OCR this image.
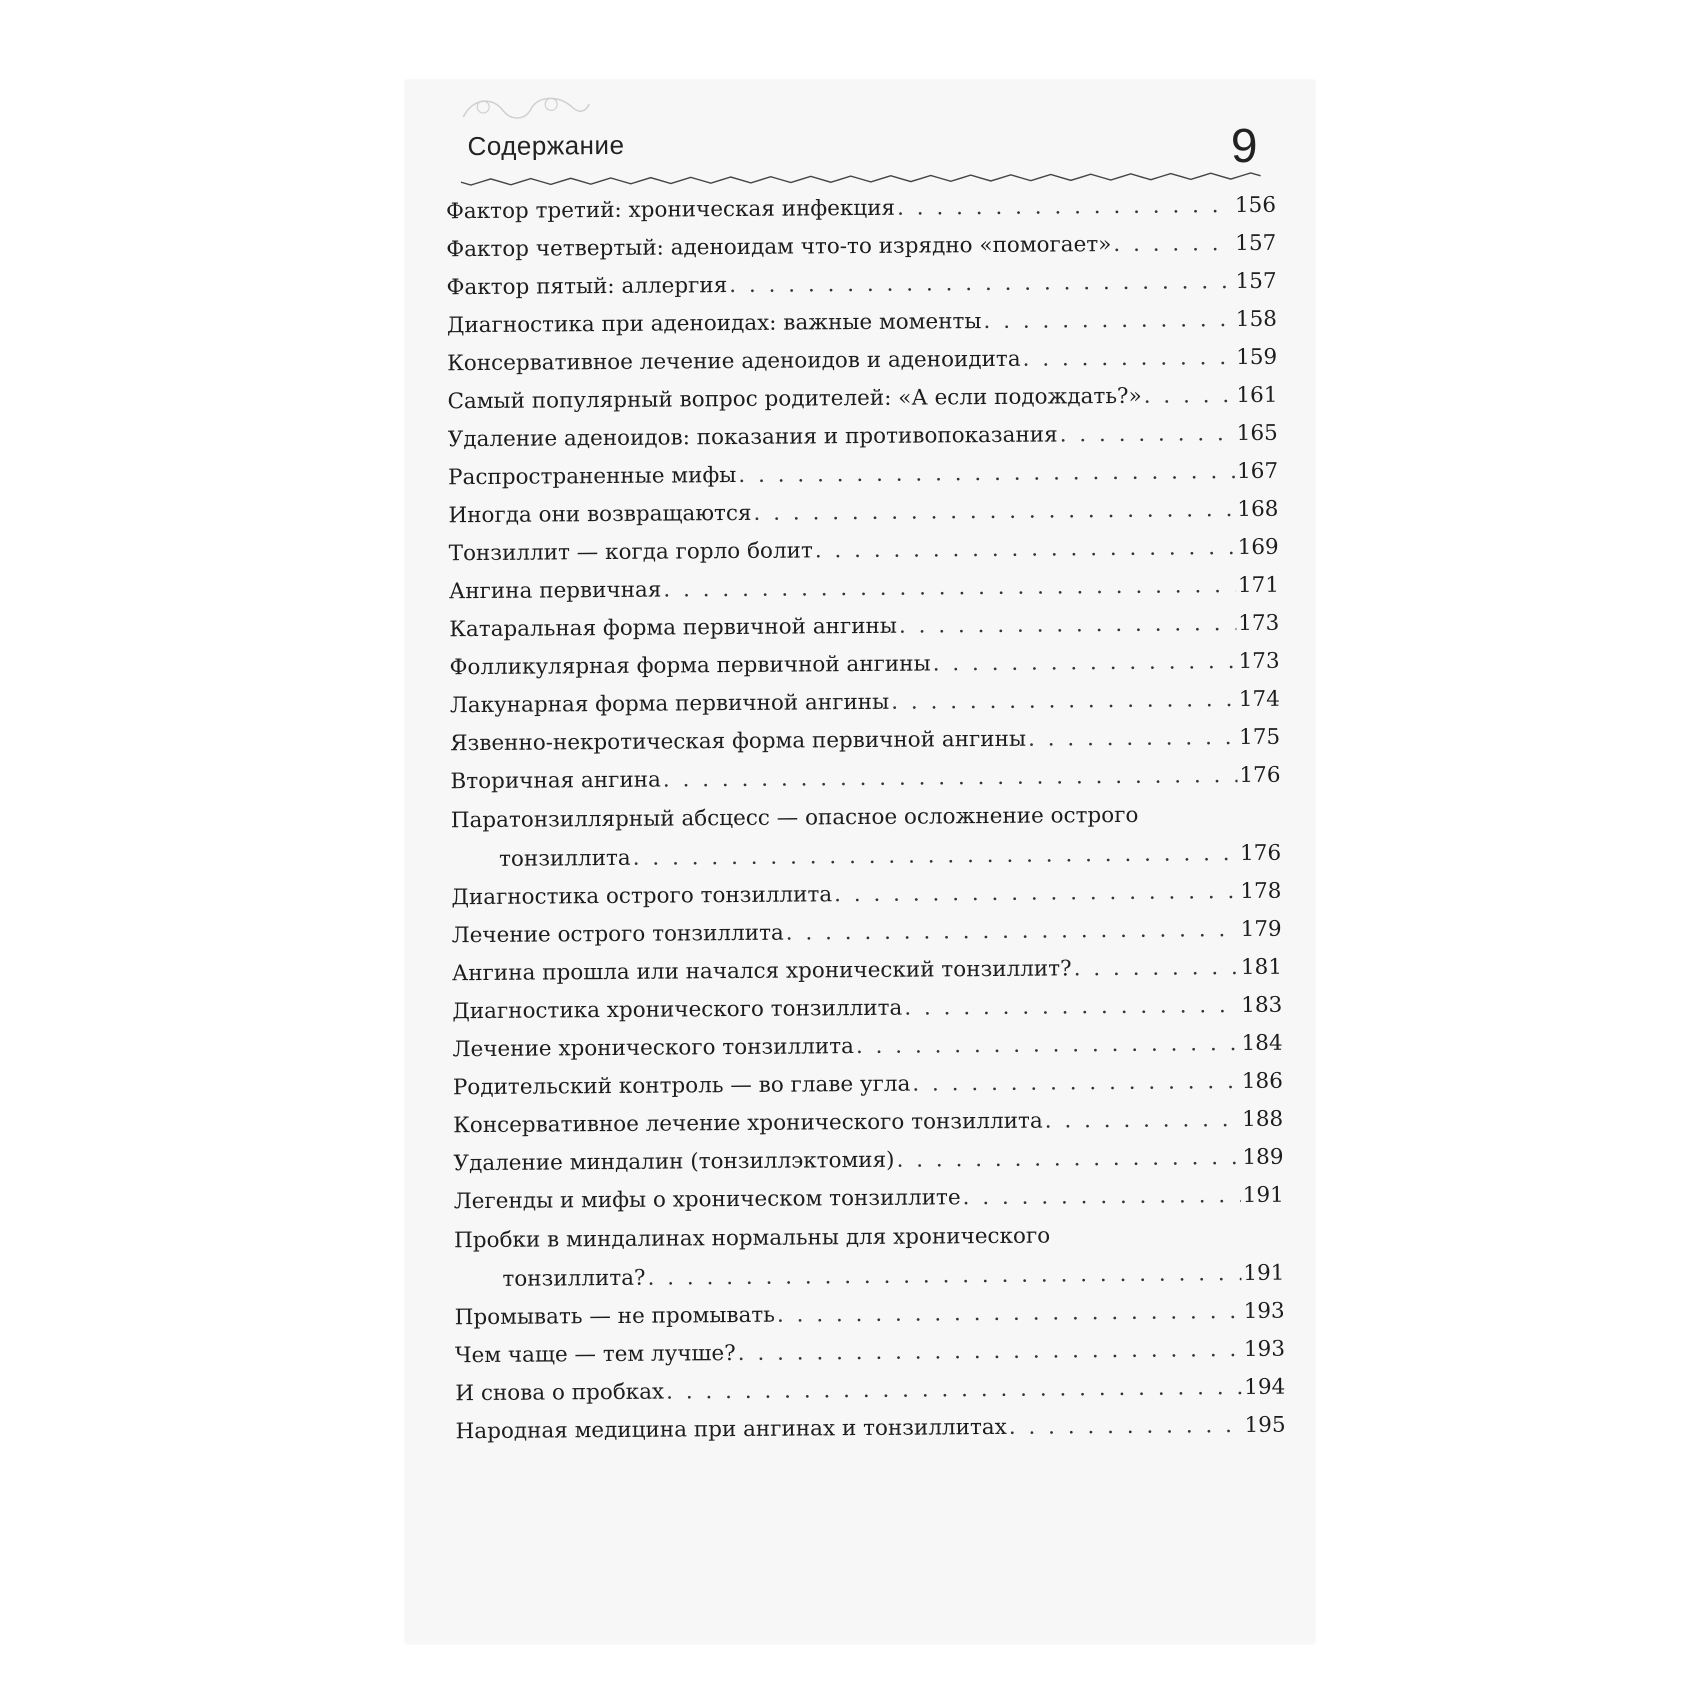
Содержание	9
Фактор третий: хроническая инфекция . . .	156
Фактор четвертый: аденоидам что-то изрядно «помогает» . . .	157
Фактор пятый: аллергия . . .	157
Диагностика при аденоидах: важные моменты . . .	158
Консервативное лечение аденоидов и аденоидита . . .	159
Самый популярный вопрос родителей: «А если подождать?» . . .	161
Удаление аденоидов: показания и противопоказания . . .	165
Распространенные мифы . . .	167
Иногда они возвращаются . . .	168
Тонзиллит — когда горло болит . . .	169
Ангина первичная . . .	171
Катаральная форма первичной ангины . . .	173
Фолликулярная форма первичной ангины . . .	173
Лакунарная форма первичной ангины . . .	174
Язвенно-некротическая форма первичной ангины . . .	175
Вторичная ангина . . .	176
Паратонзиллярный абсцесс — опасное осложнение острого
тонзиллита . . .	176
Диагностика острого тонзиллита . . .	178
Лечение острого тонзиллита . . .	179
Ангина прошла или начался хронический тонзиллит? . . .	181
Диагностика хронического тонзиллита . . .	183
Лечение хронического тонзиллита . . .	184
Родительский контроль — во главе угла . . .	186
Консервативное лечение хронического тонзиллита . . .	188
Удаление миндалин (тонзиллэктомия) . . .	189
Легенды и мифы о хроническом тонзиллите . . .	191
Пробки в миндалинах нормальны для хронического
тонзиллита? . . .	191
Промывать — не промывать . . .	193
Чем чаще — тем лучше? . . .	193
И снова о пробках . . .	194
Народная медицина при ангинах и тонзиллитах . . .	195
